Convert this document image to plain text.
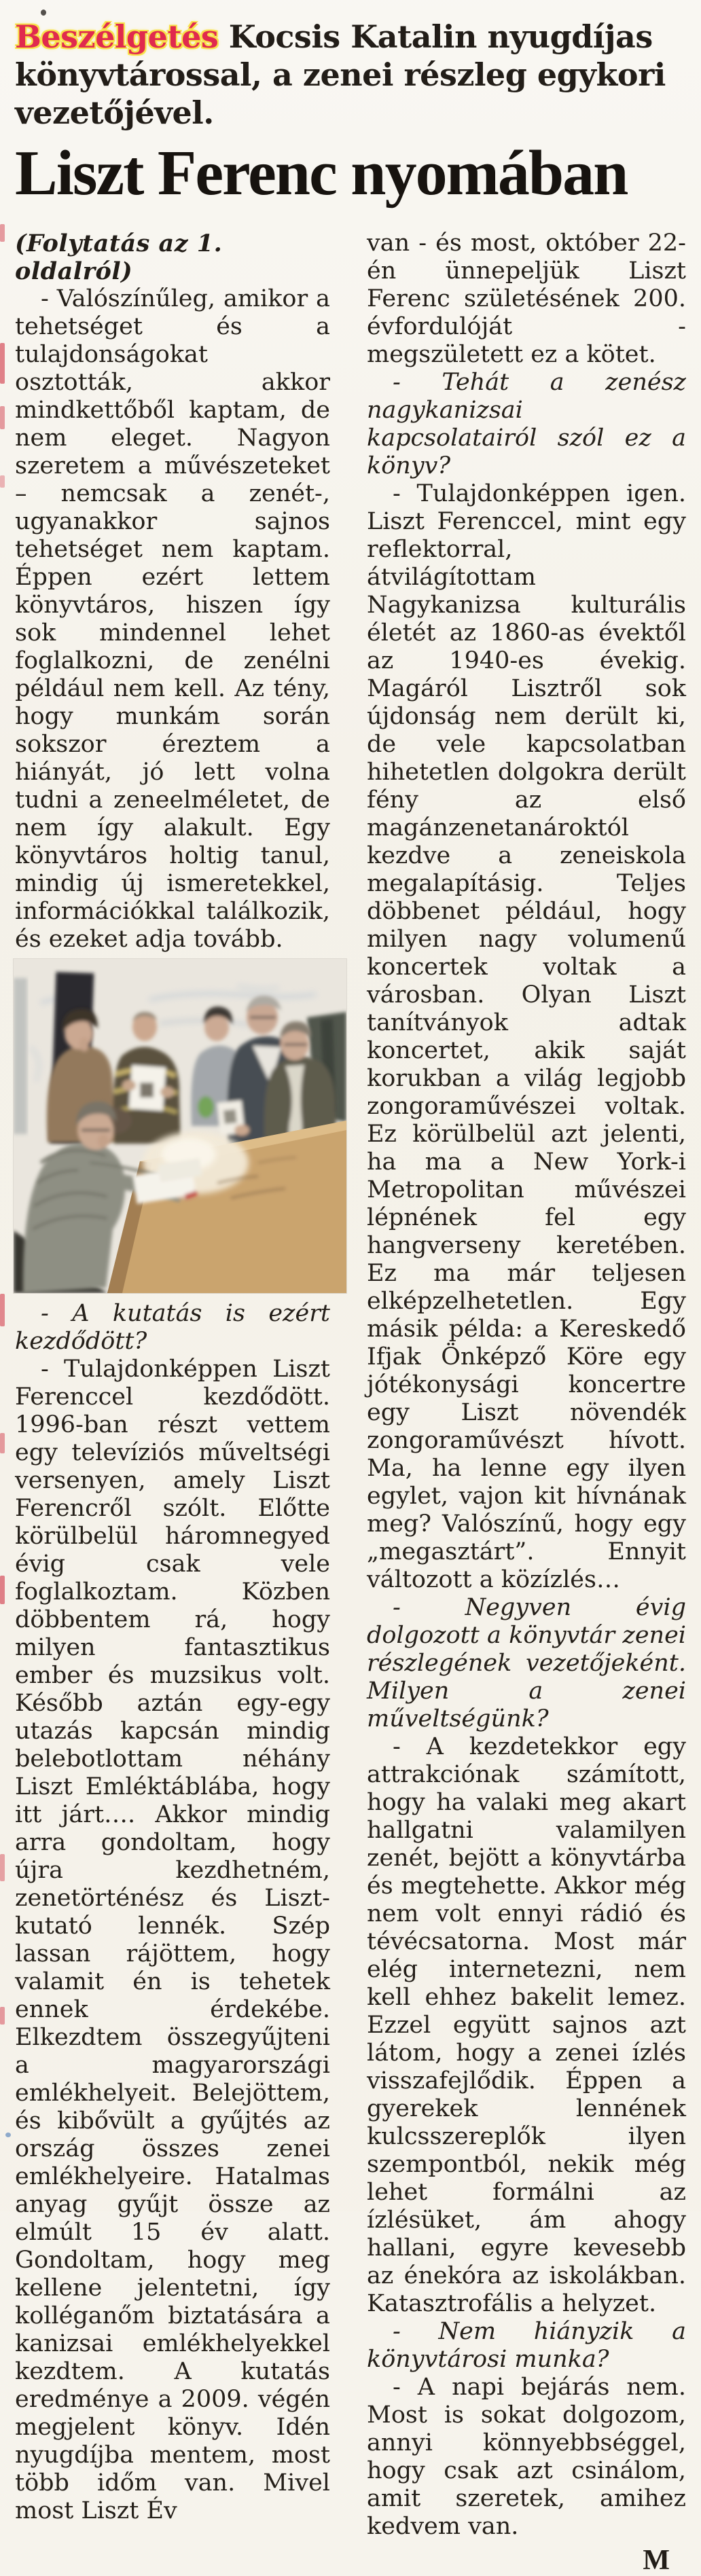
Beszélgetés Kocsis Katalin nyugdíjas könyvtárossal, a zenei részleg egykori vezetőjével.

Liszt Ferenc nyomában

(Folytatás az 1. oldalról)

- Valószínűleg, amikor a tehetséget és a tulajdonságokat osztották, akkor mindkettőből kaptam, de nem eleget. Nagyon szeretem a művészeteket – nemcsak a zenét-, ugyanakkor sajnos tehetséget nem kaptam. Éppen ezért lettem könyvtáros, hiszen így sok mindennel lehet foglalkozni, de zenélni például nem kell. Az tény, hogy munkám során sokszor éreztem a hiányát, jó lett volna tudni a zeneelméletet, de nem így alakult. Egy könyvtáros holtig tanul, mindig új ismeretekkel, információkkal találkozik, és ezeket adja tovább.

- A kutatás is ezért kezdődött?

- Tulajdonképpen Liszt Ferenccel kezdődött. 1996-ban részt vettem egy televíziós műveltségi versenyen, amely Liszt Ferencről szólt. Előtte körülbelül háromnegyed évig csak vele foglalkoztam. Közben döbbentem rá, hogy milyen fantasztikus ember és muzsikus volt. Később aztán egy-egy utazás kapcsán mindig belebotlottam néhány Liszt Emléktáblába, hogy itt járt…. Akkor mindig arra gondoltam, hogy újra kezdhetném, zenetörténész és Liszt-kutató lennék. Szép lassan rájöttem, hogy valamit én is tehetek ennek érdekébe. Elkezdtem összegyűjteni a magyarországi emlékhelyeit. Belejöttem, és kibővült a gyűjtés az ország összes zenei emlékhelyeire. Hatalmas anyag gyűjt össze az elmúlt 15 év alatt. Gondoltam, hogy meg kellene jelentetni, így kolléganőm biztatására a kanizsai emlékhelyekkel kezdtem. A kutatás eredménye a 2009. végén megjelent könyv. Idén nyugdíjba mentem, most több időm van. Mivel most Liszt Év

van - és most, október 22-én ünnepeljük Liszt Ferenc születésének 200. évfordulóját - megszületett ez a kötet.

- Tehát a zenész nagykanizsai kapcsolatairól szól ez a könyv?

- Tulajdonképpen igen. Liszt Ferenccel, mint egy reflektorral, átvilágítottam Nagykanizsa kulturális életét az 1860-as évektől az 1940-es évekig. Magáról Lisztről sok újdonság nem derült ki, de vele kapcsolatban hihetetlen dolgokra derült fény az első magánzenetanároktól kezdve a zeneiskola megalapításig. Teljes döbbenet például, hogy milyen nagy volumenű koncertek voltak a városban. Olyan Liszt tanítványok adtak koncertet, akik saját korukban a világ legjobb zongoraművészei voltak. Ez körülbelül azt jelenti, ha ma a New York-i Metropolitan művészei lépnének fel egy hangverseny keretében. Ez ma már teljesen elképzelhetetlen. Egy másik példa: a Kereskedő Ifjak Önképző Köre egy jótékonysági koncertre egy Liszt növendék zongoraművészt hívott. Ma, ha lenne egy ilyen egylet, vajon kit hívnának meg? Valószínű, hogy egy „megasztárt”. Ennyit változott a közízlés…

- Negyven évig dolgozott a könyvtár zenei részlegének vezetőjeként. Milyen a zenei műveltségünk?

- A kezdetekkor egy attrakciónak számított, hogy ha valaki meg akart hallgatni valamilyen zenét, bejött a könyvtárba és megtehette. Akkor még nem volt ennyi rádió és tévécsatorna. Most már elég internetezni, nem kell ehhez bakelit lemez. Ezzel együtt sajnos azt látom, hogy a zenei ízlés visszafejlődik. Éppen a gyerekek lennének kulcsszereplők ilyen szempontból, nekik még lehet formálni az ízlésüket, ám ahogy hallani, egyre kevesebb az énekóra az iskolákban. Katasztrofális a helyzet.

- Nem hiányzik a könyvtárosi munka?

- A napi bejárás nem. Most is sokat dolgozom, annyi könnyebbséggel, hogy csak azt csinálom, amit szeretek, amihez kedvem van.

M
